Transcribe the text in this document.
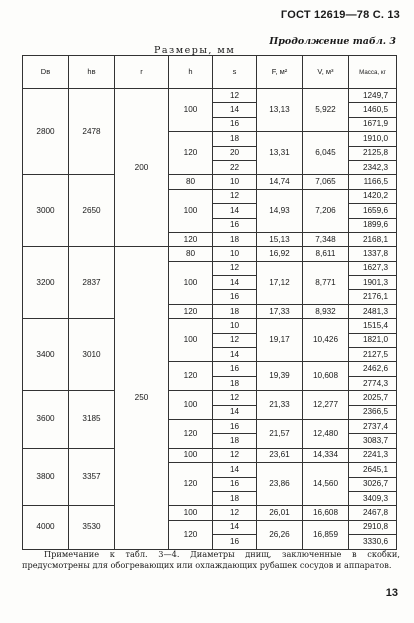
ГОСТ 12619—78 С. 13
Продолжение табл. 3
Размеры, мм
Dв	hв	r	h	s	F, м²	V, м³	Масса, кг
2800	2478	200	100	12	13,13	5,922	1249,7
				14			1460,5
				16			1671,9
			120	18	13,31	6,045	1910,0
				20			2125,8
				22			2342,3
3000	2650		80	10	14,74	7,065	1166,5
			100	12	14,93	7,206	1420,2
				14			1659,6
				16			1899,6
			120	18	15,13	7,348	2168,1
3200	2837	250	80	10	16,92	8,611	1337,8
			100	12	17,12	8,771	1627,3
				14			1901,3
				16			2176,1
			120	18	17,33	8,932	2481,3
3400	3010		100	10	19,17	10,426	1515,4
				12			1821,0
				14			2127,5
			120	16	19,39	10,608	2462,6
				18			2774,3
3600	3185		100	12	21,33	12,277	2025,7
				14			2366,5
			120	16	21,57	12,480	2737,4
				18			3083,7
3800	3357		100	12	23,61	14,334	2241,3
			120	14	23,86	14,560	2645,1
				16			3026,7
				18			3409,3
4000	3530		100	12	26,01	16,608	2467,8
			120	14	26,26	16,859	2910,8
				16			3330,6
Примечание к табл. 3—4. Диаметры днищ, заключенные в скобки, предусмотрены для обогревающих или охлаждающих рубашек сосудов и аппаратов.
13
